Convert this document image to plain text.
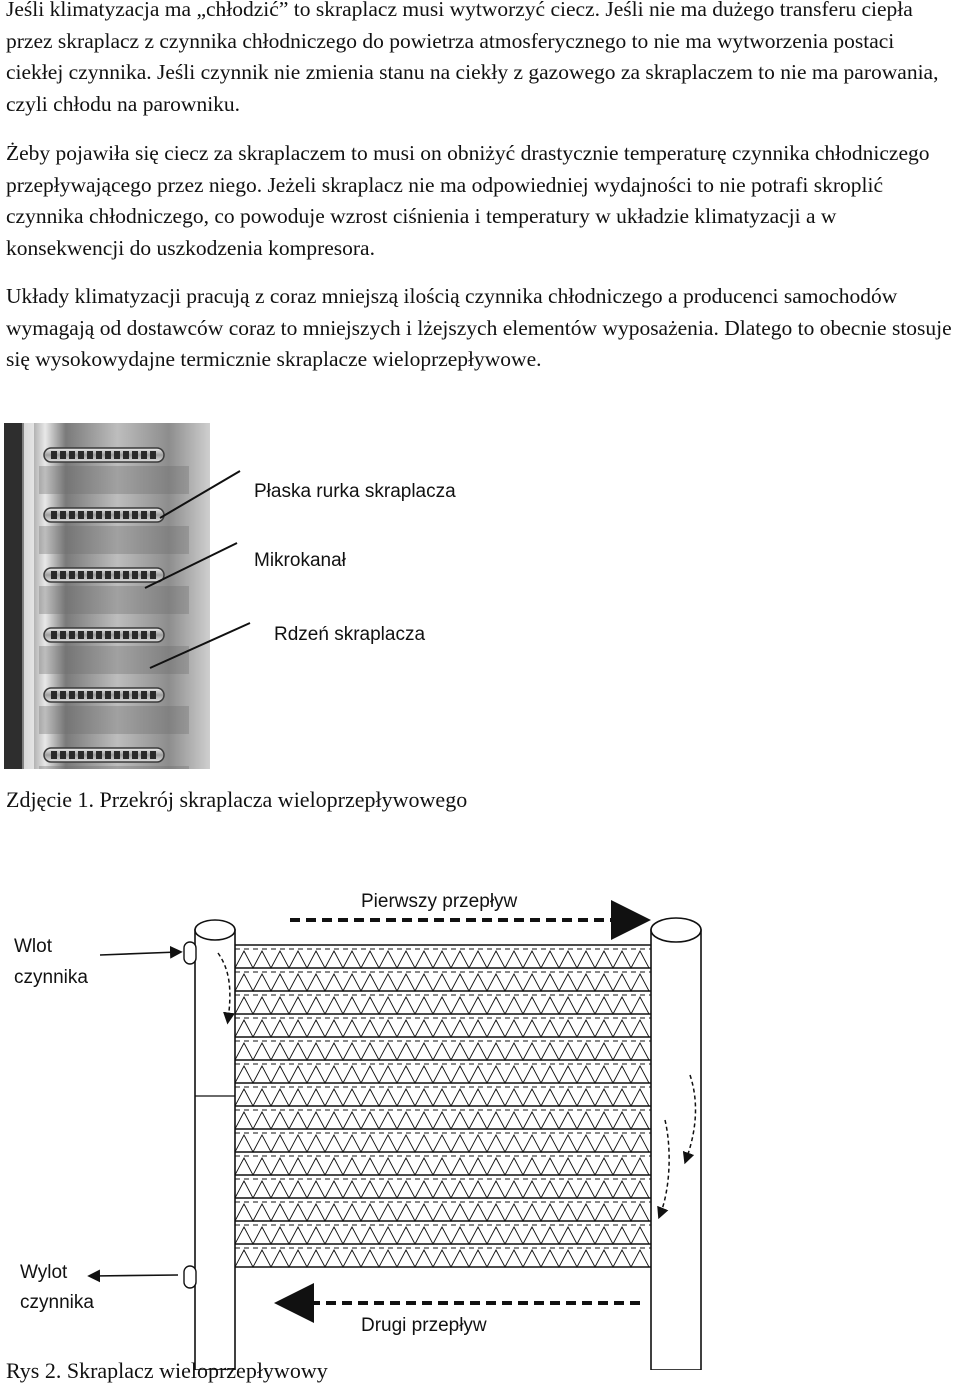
Jeśli klimatyzacja ma „chłodzić” to skraplacz musi wytworzyć ciecz. Jeśli nie ma dużego transferu ciepła przez skraplacz z czynnika chłodniczego do powietrza atmosferycznego to nie ma wytworzenia postaci ciekłej czynnika. Jeśli czynnik nie zmienia stanu na ciekły z gazowego za skraplaczem to nie ma parowania, czyli chłodu na parowniku.

Żeby pojawiła się ciecz za skraplaczem to musi on obniżyć drastycznie temperaturę czynnika chłodniczego przepływającego przez niego. Jeżeli skraplacz nie ma odpowiedniej wydajności to nie potrafi skroplić czynnika chłodniczego, co powoduje wzrost ciśnienia i temperatury w układzie klimatyzacji a w konsekwencji do uszkodzenia kompresora.

Układy klimatyzacji pracują z coraz mniejszą ilością czynnika chłodniczego a producenci samochodów wymagają od dostawców coraz to mniejszych i lżejszych elementów wyposażenia. Dlatego to obecnie stosuje się wysokowydajne termicznie skraplacze wieloprzepływowe.

Płaska rurka skraplacza
Mikrokanał
Rdzeń skraplacza

Zdjęcie 1. Przekrój skraplacza wieloprzepływowego

Pierwszy przepływ
Drugi przepływ
Wlot
czynnika
Wylot
czynnika

Rys 2. Skraplacz wieloprzepływowy
